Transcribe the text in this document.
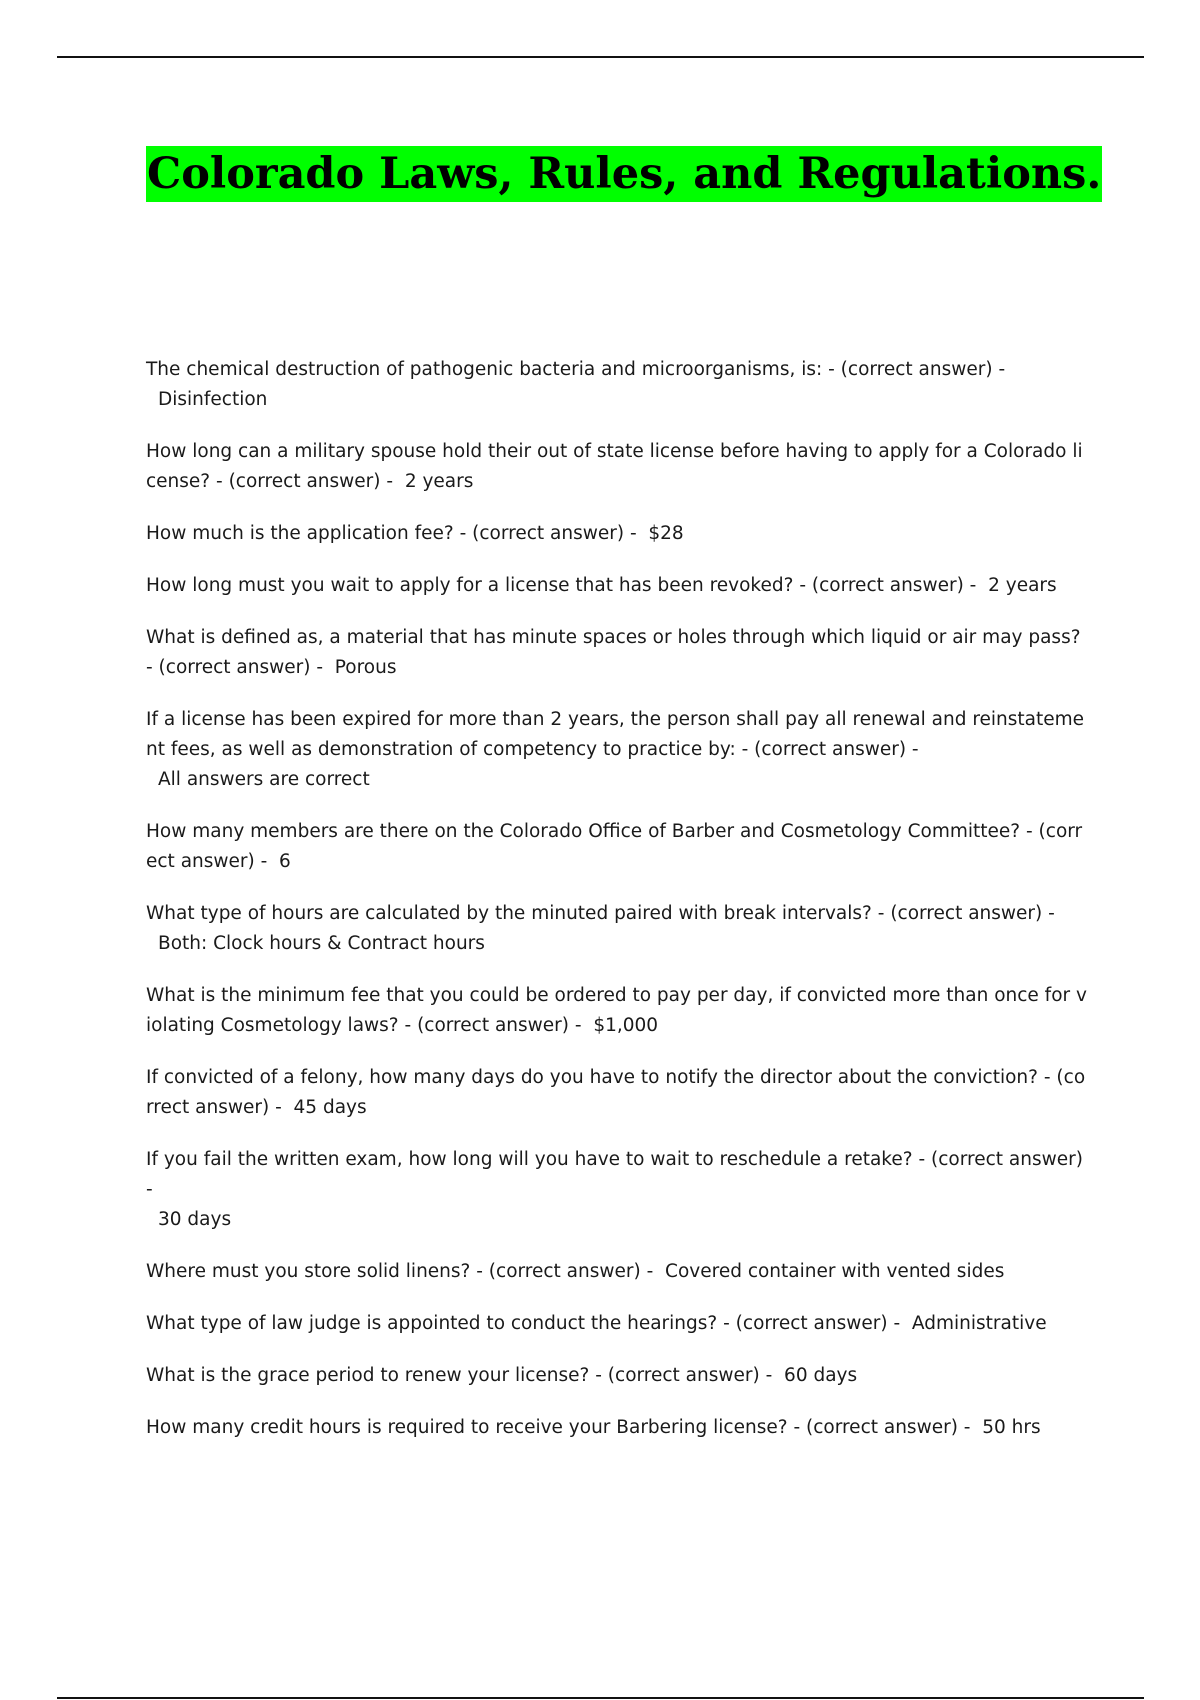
Colorado Laws, Rules, and Regulations.
The chemical destruction of pathogenic bacteria and microorganisms, is: - (correct answer) -
Disinfection
How long can a military spouse hold their out of state license before having to apply for a Colorado license? - (correct answer) - 2 years
How much is the application fee? - (correct answer) - $28
How long must you wait to apply for a license that has been revoked? - (correct answer) - 2 years
What is defined as, a material that has minute spaces or holes through which liquid or air may pass? - (correct answer) - Porous
If a license has been expired for more than 2 years, the person shall pay all renewal and reinstatement fees, as well as demonstration of competency to practice by: - (correct answer) -
All answers are correct
How many members are there on the Colorado Office of Barber and Cosmetology Committee? - (correct answer) - 6
What type of hours are calculated by the minuted paired with break intervals? - (correct answer) -
Both: Clock hours & Contract hours
What is the minimum fee that you could be ordered to pay per day, if convicted more than once for violating Cosmetology laws? - (correct answer) - $1,000
If convicted of a felony, how many days do you have to notify the director about the conviction? - (correct answer) - 45 days
If you fail the written exam, how long will you have to wait to reschedule a retake? - (correct answer) -
30 days
Where must you store solid linens? - (correct answer) - Covered container with vented sides
What type of law judge is appointed to conduct the hearings? - (correct answer) - Administrative
What is the grace period to renew your license? - (correct answer) - 60 days
How many credit hours is required to receive your Barbering license? - (correct answer) - 50 hrs
